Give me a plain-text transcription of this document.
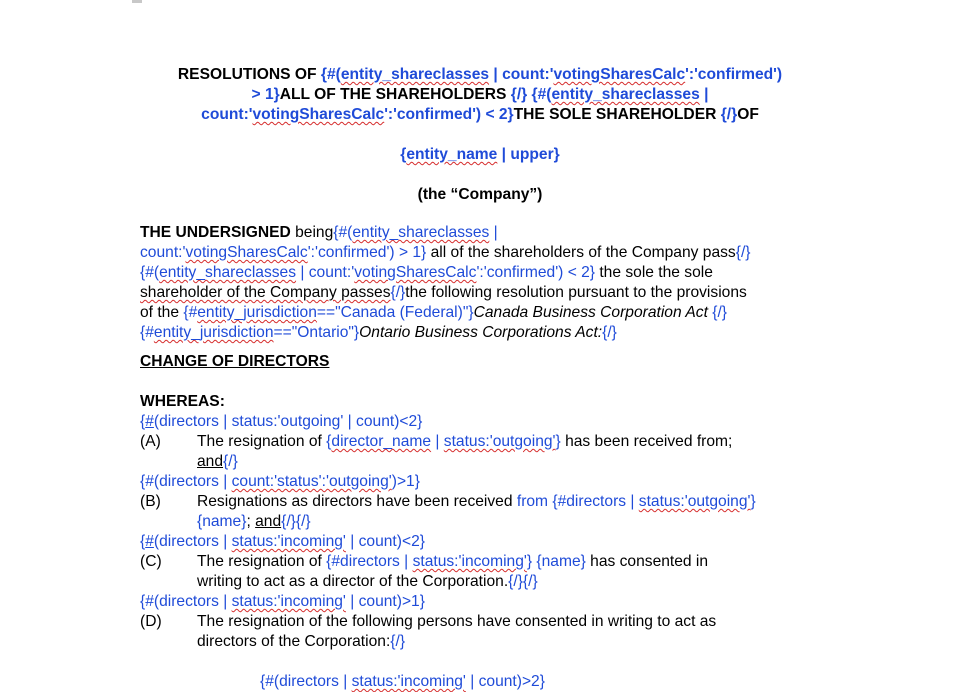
RESOLUTIONS OF {#(entity_shareclasses | count:'votingSharesCalc':'confirmed')
> 1}ALL OF THE SHAREHOLDERS {/} {#(entity_shareclasses |
count:'votingSharesCalc':'confirmed') < 2}THE SOLE SHAREHOLDER {/}OF
{entity_name | upper}
(the “Company”)
THE UNDERSIGNED being{#(entity_shareclasses |
count:'votingSharesCalc':'confirmed') > 1} all of the shareholders of the Company pass{/}
{#(entity_shareclasses | count:'votingSharesCalc':'confirmed') < 2} the sole the sole
shareholder of the Company passes{/}the following resolution pursuant to the provisions
of the {#entity_jurisdiction=="Canada (Federal)"}Canada Business Corporation Act {/}
{#entity_jurisdiction=="Ontario"}Ontario Business Corporations Act:{/}
CHANGE OF DIRECTORS
WHEREAS:
{#(directors | status:'outgoing' | count)<2}
(A) The resignation of {director_name | status:'outgoing'} has been received from;
and{/}
{#(directors | count:'status':'outgoing')>1}
(B) Resignations as directors have been received from {#directors | status:'outgoing'}
{name}; and{/}{/}
{#(directors | status:'incoming' | count)<2}
(C) The resignation of {#directors | status:'incoming'} {name} has consented in
writing to act as a director of the Corporation.{/}{/}
{#(directors | status:'incoming' | count)>1}
(D) The resignation of the following persons have consented in writing to act as
directors of the Corporation:{/}
{#(directors | status:'incoming' | count)>2}
